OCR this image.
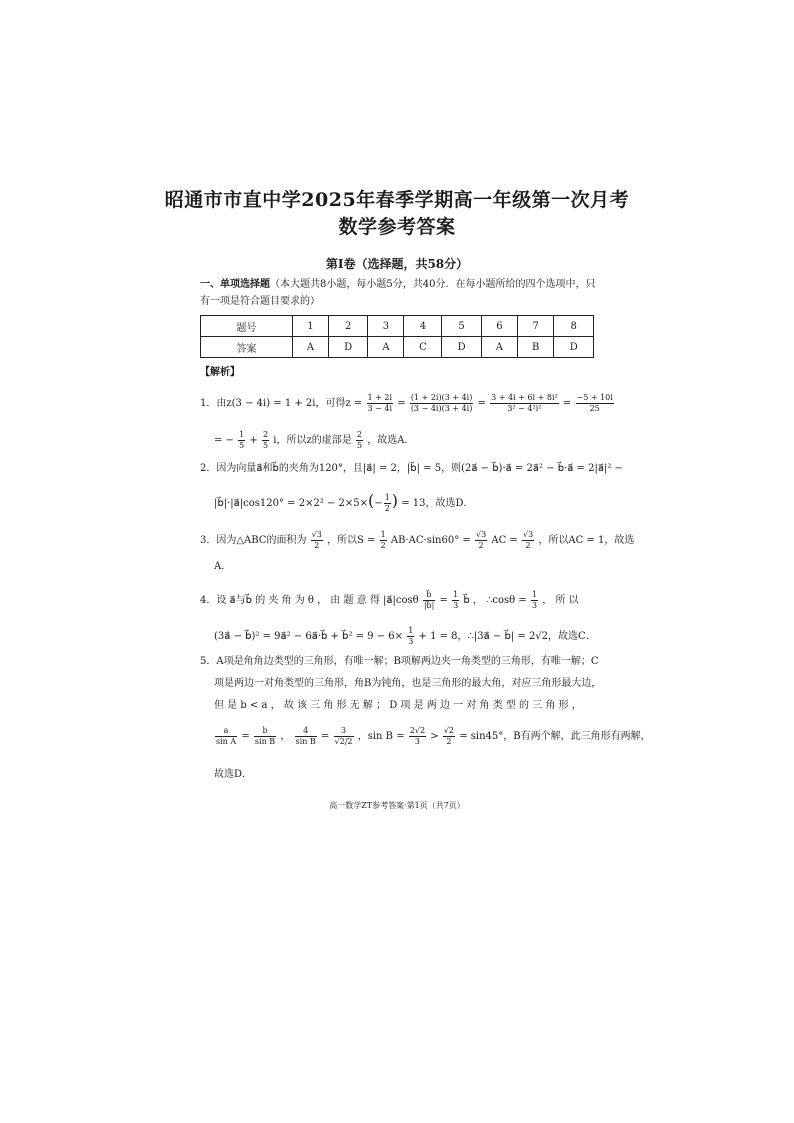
昭通市市直中学2025年春季学期高一年级第一次月考
数学参考答案
第Ⅰ卷（选择题，共58分）
一、单项选择题（本大题共8小题，每小题5分，共40分．在每小题所给的四个选项中，只
有一项是符合题目要求的）
题号	1	2	3	4	5	6	7	8
答案	A	D	A	C	D	A	B	D
【解析】
1．由z(3 − 4i) = 1 + 2i，可得$z = \frac{1 + 2i}{3 - 4i} = \frac{(1 + 2i)(3 + 4i)}{(3 - 4i)(3 + 4i)} = \frac{\text{3 + 4i + 6i + 8i²}}{\text{3² − 4²i²}} = \frac{-5 + 10i}{25}$
= − $\frac{1}{5} + \frac{2}{5}$ i，所以z的虚部是 $\frac{2}{5}$ ，故选A．
2．因为向量a⃗和b⃗的夹角为120°，且|a⃗| = 2，|b⃗| = 5，则(2a⃗ − b⃗)·a⃗ = 2a⃗² − b⃗·a⃗ = 2|a⃗|² −
|b⃗|·|a⃗|cos120° = $2\times 2^2 - 2\times 5\times(- \frac{1}{2}$ ) = 13，故选D．
3．因为△ABC的面积为 $\frac{√3}{2}$ ，所以$S = \frac{1}{2} AB\cdot AC\cdot\sin 60^\circ = \frac{√3}{2}$ AC = $\frac{√3}{2}$ ，所以AC = 1，故选
A．
4．设 a⃗与b⃗ 的 夹 角 为 θ ， 由 题 意 得 |a⃗|cosθ $\frac{b⃗}{|b⃗|} = \frac{1}{3}$ b⃗ ， ∴cosθ = $\frac{1}{3}$ ， 所 以
(3a⃗ − b⃗)² = 9a⃗² − 6a⃗·b⃗ + b⃗² = $9 - 6\times \frac{1}{3} + 1 = 8$，∴|3a⃗ − b⃗| = 2√2，故选C．
5．A项是角角边类型的三角形，有唯一解；B项解两边夹一角类型的三角形，有唯一解；C
项是两边一对角类型的三角形，角B为钝角，也是三角形的最大角，对应三角形最大边，
但 是 b < a ， 故 该 三 角 形 无 解 ； D 项 是 两 边 一 对 角 类 型 的 三 角 形 ，
$\frac{a}{\text{sin A}} = \frac{b}{\text{sin B}}$ ， $\frac{4}{\text{sin B}} = \frac{3}{√2/2}$ ，$\sin B = \frac{2√2}{3} > \frac{√2}{2} = \sin 45^\circ$，B有两个解，此三角形有两解，
故选D．
高一数学ZT参考答案·第1页（共7页）
